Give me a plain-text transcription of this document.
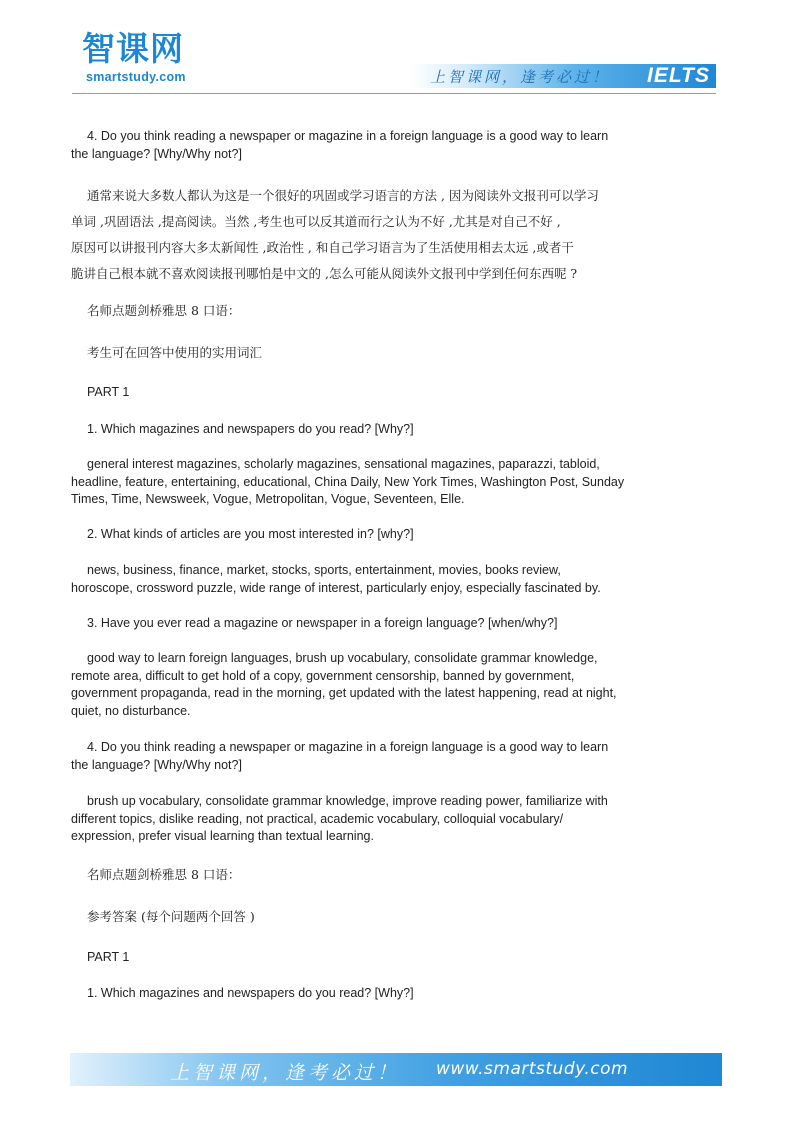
智课网
smartstudy.com	上智课网，逢考必过！ IELTS
4. Do you think reading a newspaper or magazine in a foreign language is a good way to learn
the language? [Why/Why not?]
通常来说大多数人都认为这是一个很好的巩固或学习语言的方法 , 因为阅读外文报刊可以学习
单词 ,巩固语法 ,提高阅读。当然 ,考生也可以反其道而行之认为不好 ,尤其是对自己不好 ,
原因可以讲报刊内容大多太新闻性 ,政治性 , 和自己学习语言为了生活使用相去太远 ,或者干
脆讲自己根本就不喜欢阅读报刊哪怕是中文的 ,怎么可能从阅读外文报刊中学到任何东西呢 ?
名师点题剑桥雅思 8 口语：
考生可在回答中使用的实用词汇
PART 1
1. Which magazines and newspapers do you read? [Why?]
general interest magazines, scholarly magazines, sensational magazines, paparazzi, tabloid,
headline, feature, entertaining, educational, China Daily, New York Times, Washington Post, Sunday
Times, Time, Newsweek, Vogue, Metropolitan, Vogue, Seventeen, Elle.
2. What kinds of articles are you most interested in? [why?]
news, business, finance, market, stocks, sports, entertainment, movies, books review,
horoscope, crossword puzzle, wide range of interest, particularly enjoy, especially fascinated by.
3. Have you ever read a magazine or newspaper in a foreign language? [when/why?]
good way to learn foreign languages, brush up vocabulary, consolidate grammar knowledge,
remote area, difficult to get hold of a copy, government censorship, banned by government,
government propaganda, read in the morning, get updated with the latest happening, read at night,
quiet, no disturbance.
4. Do you think reading a newspaper or magazine in a foreign language is a good way to learn
the language? [Why/Why not?]
brush up vocabulary, consolidate grammar knowledge, improve reading power, familiarize with
different topics, dislike reading, not practical, academic vocabulary, colloquial vocabulary/
expression, prefer visual learning than textual learning.
名师点题剑桥雅思 8 口语：
参考答案 (每个问题两个回答 )
PART 1
1. Which magazines and newspapers do you read? [Why?]
上智课网，逢考必过！ www.smartstudy.com
